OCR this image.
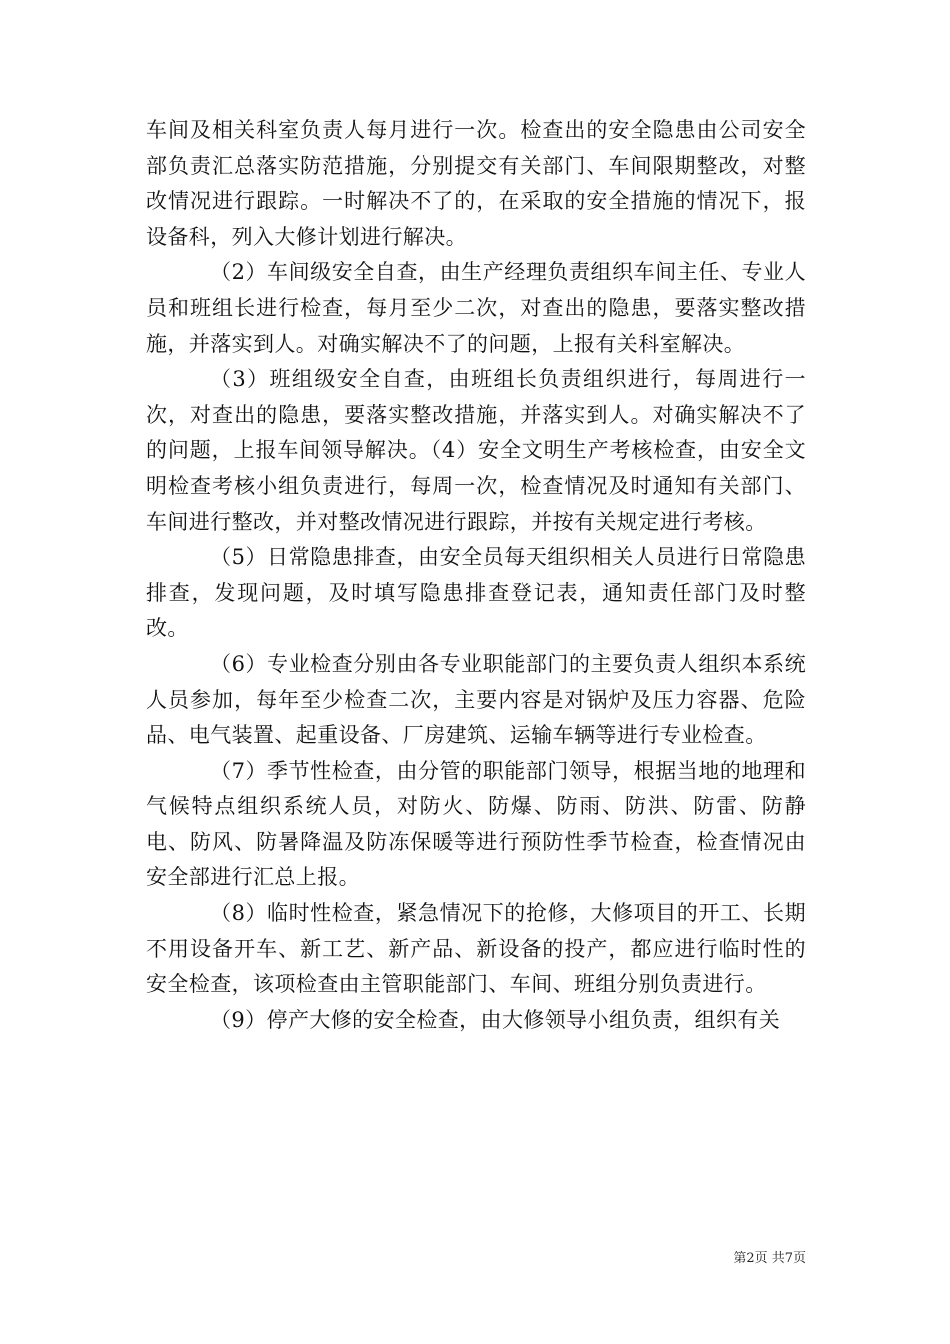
车间及相关科室负责人每月进行一次。检查出的安全隐患由公司安全部负责汇总落实防范措施，分别提交有关部门、车间限期整改，对整改情况进行跟踪。一时解决不了的，在采取的安全措施的情况下，报设备科，列入大修计划进行解决。

（2）车间级安全自查，由生产经理负责组织车间主任、专业人员和班组长进行检查，每月至少二次，对查出的隐患，要落实整改措施，并落实到人。对确实解决不了的问题，上报有关科室解决。

（3）班组级安全自查，由班组长负责组织进行，每周进行一次，对查出的隐患，要落实整改措施，并落实到人。对确实解决不了的问题，上报车间领导解决。（4）安全文明生产考核检查，由安全文明检查考核小组负责进行，每周一次，检查情况及时通知有关部门、车间进行整改，并对整改情况进行跟踪，并按有关规定进行考核。

（5）日常隐患排查，由安全员每天组织相关人员进行日常隐患排查，发现问题，及时填写隐患排查登记表，通知责任部门及时整改。

（6）专业检查分别由各专业职能部门的主要负责人组织本系统人员参加，每年至少检查二次，主要内容是对锅炉及压力容器、危险品、电气装置、起重设备、厂房建筑、运输车辆等进行专业检查。

（7）季节性检查，由分管的职能部门领导，根据当地的地理和气候特点组织系统人员，对防火、防爆、防雨、防洪、防雷、防静电、防风、防暑降温及防冻保暖等进行预防性季节检查，检查情况由安全部进行汇总上报。

（8）临时性检查，紧急情况下的抢修，大修项目的开工、长期不用设备开车、新工艺、新产品、新设备的投产，都应进行临时性的安全检查，该项检查由主管职能部门、车间、班组分别负责进行。

（9）停产大修的安全检查，由大修领导小组负责，组织有关

第2页 共7页
